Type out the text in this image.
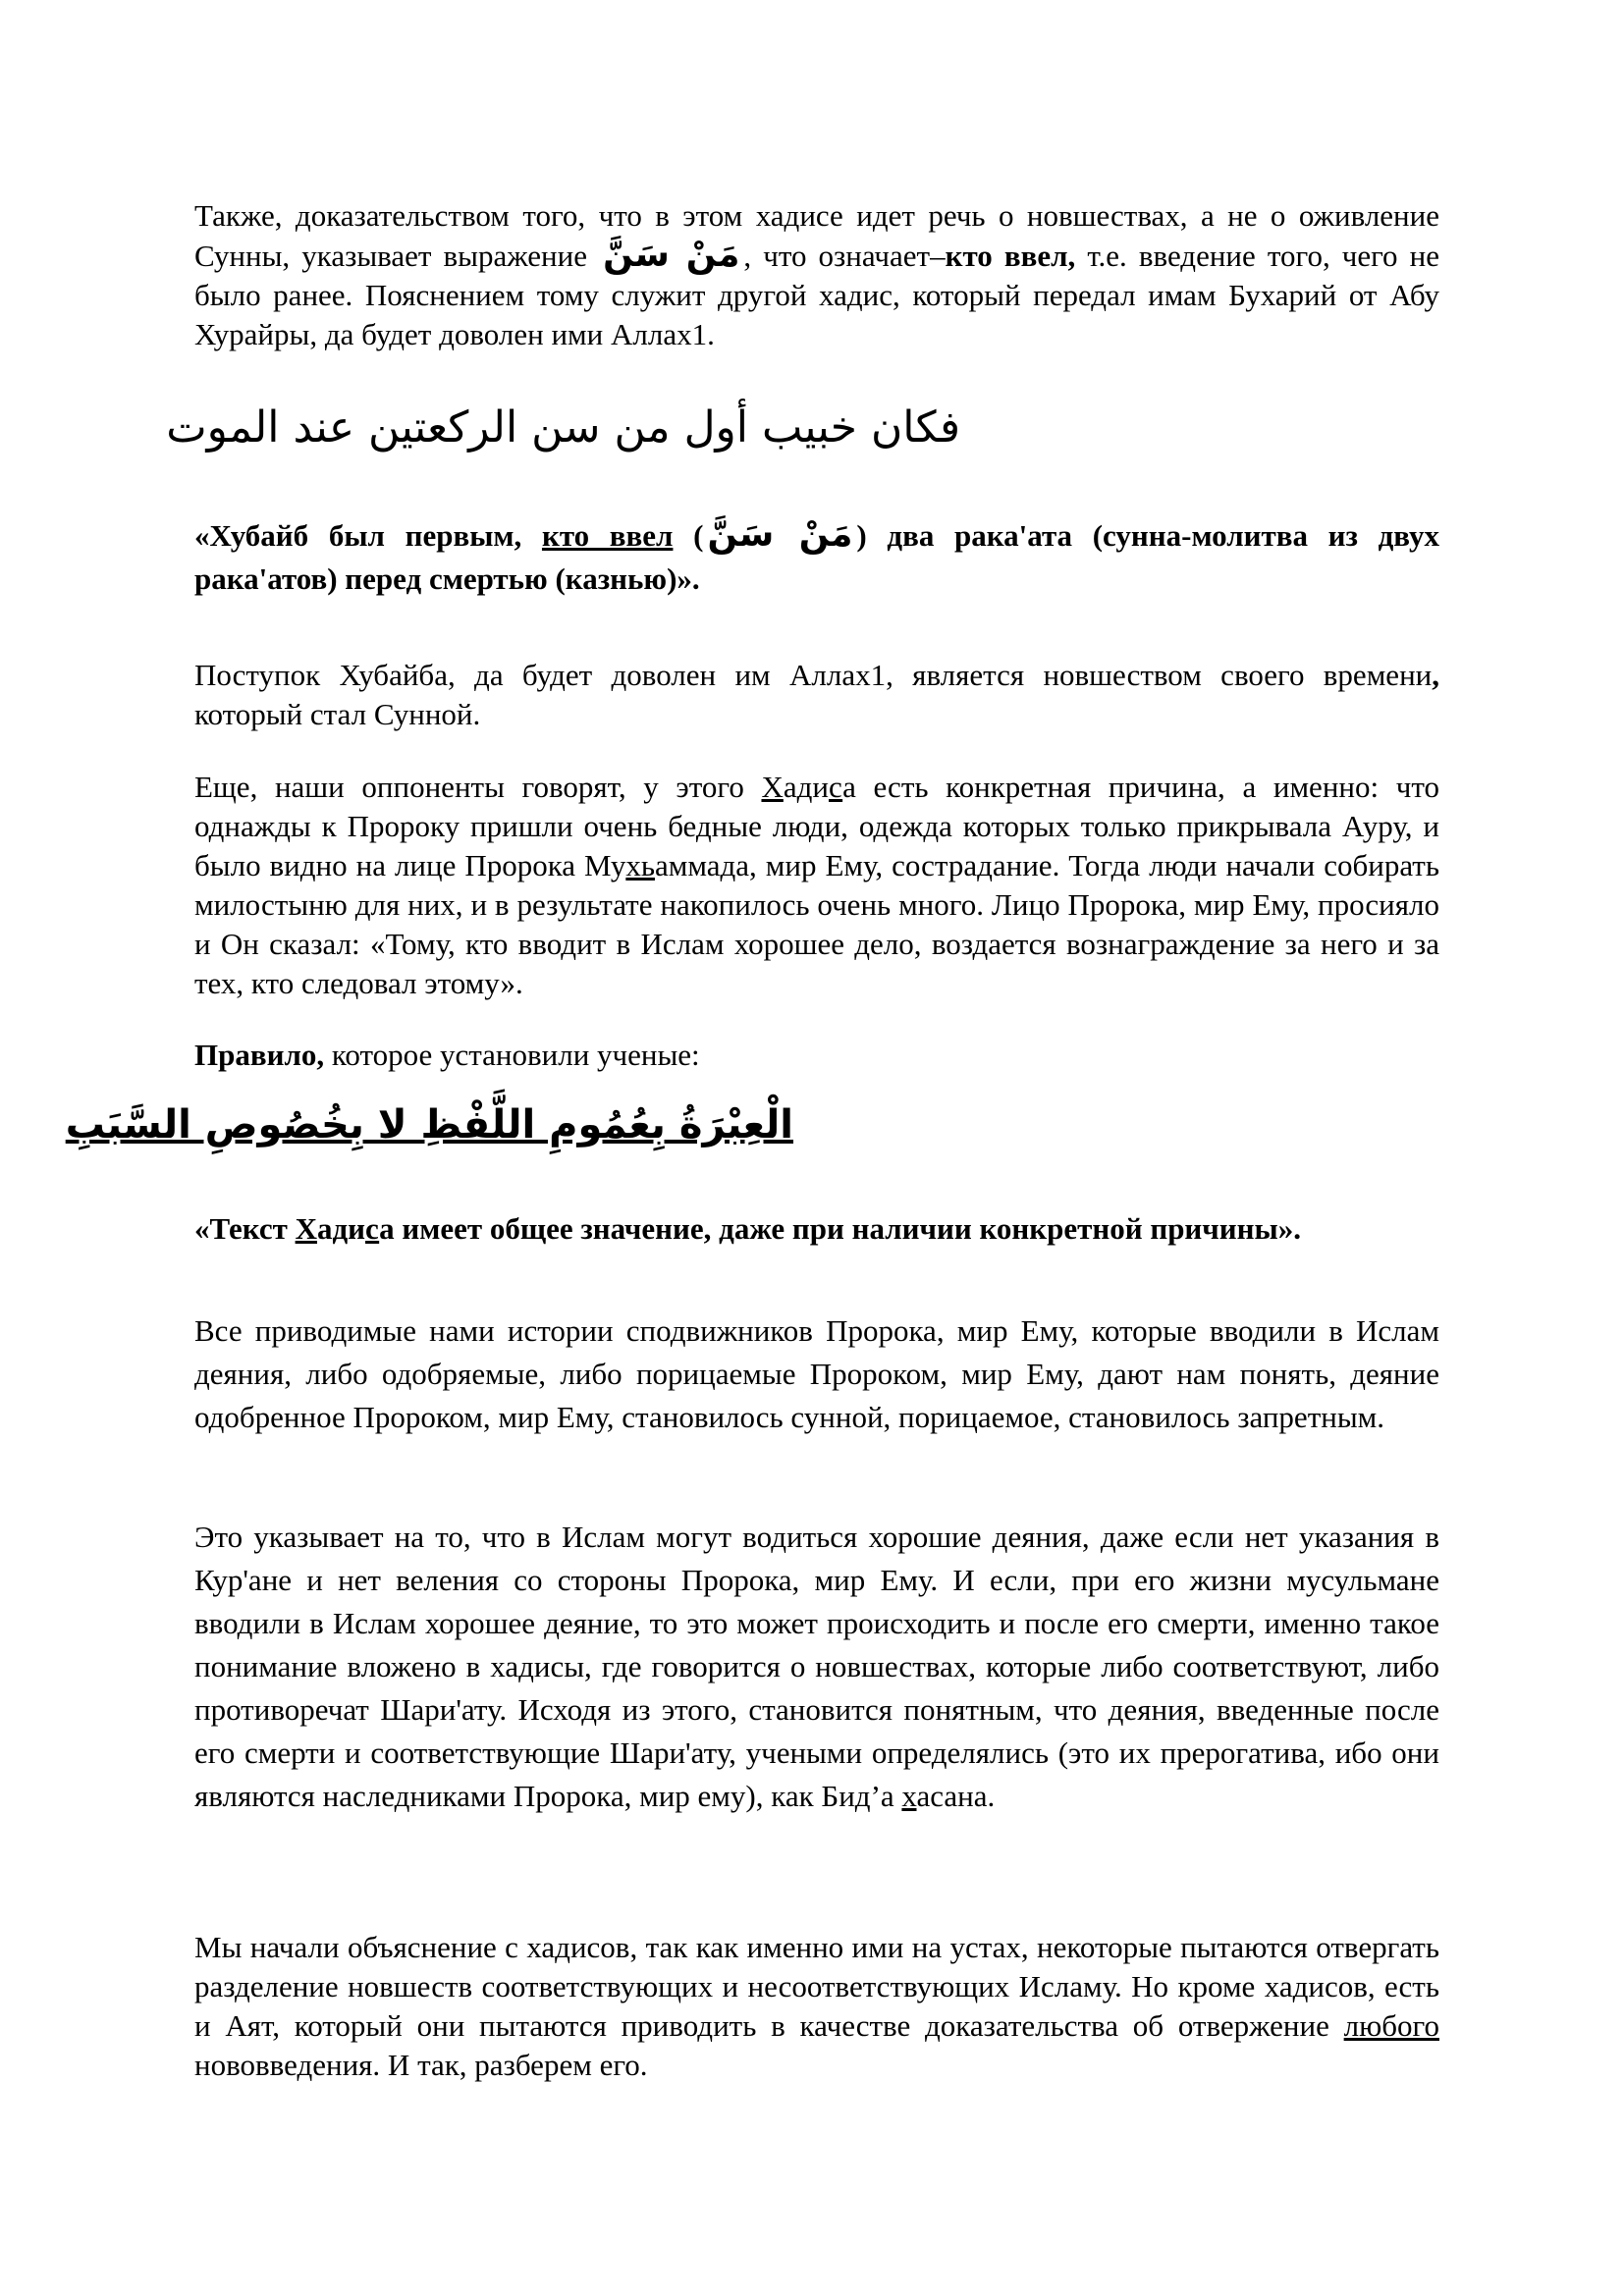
Также, доказательством того, что в этом хадисе идет речь о новшествах, а не о оживление Сунны, указывает выражение مَنْ سَنَّ , что означает–кто ввел, т.е. введение того, чего не было ранее. Пояснением тому служит другой хадис, который передал имам Бухарий от Абу Хурайры, да будет доволен ими Аллах1.

فكان خبيب أول من سن الركعتين عند الموت

«Хубайб был первым, кто ввел ( مَنْ سَنَّ ) два рака'ата (сунна-молитва из двух рака'атов) перед смертью (казнью)».

Поступок Хубайба, да будет доволен им Аллах1, является новшеством своего времени, который стал Сунной.

Еще, наши оппоненты говорят, у этого Хадиса есть конкретная причина, а именно: что однажды к Пророку пришли очень бедные люди, одежда которых только прикрывала Ауру, и было видно на лице Пророка Мухьаммада, мир Ему, сострадание. Тогда люди начали собирать милостыню для них, и в результате накопилось очень много. Лицо Пророка, мир Ему, просияло и Он сказал: «Тому, кто вводит в Ислам хорошее дело, воздается вознаграждение за него и за тех, кто следовал этому».

Правило, которое установили ученые:

الْعِبْرَةُ بِعُمُومِ اللَّفْظِ لا بِخُصُوصِ السَّبَبِ

«Текст Хадиса имеет общее значение, даже при наличии конкретной причины».

Все приводимые нами истории сподвижников Пророка, мир Ему, которые вводили в Ислам деяния, либо одобряемые, либо порицаемые Пророком, мир Ему, дают нам понять, деяние одобренное Пророком, мир Ему, становилось сунной, порицаемое, становилось запретным.

Это указывает на то, что в Ислам могут водиться хорошие деяния, даже если нет указания в Кур'ане и нет веления со стороны Пророка, мир Ему. И если, при его жизни мусульмане вводили в Ислам хорошее деяние, то это может происходить и после его смерти, именно такое понимание вложено в хадисы, где говорится о новшествах, которые либо соответствуют, либо противоречат Шари'ату. Исходя из этого, становится понятным, что деяния, введенные после его смерти и соответствующие Шари'ату, учеными определялись (это их прерогатива, ибо они являются наследниками Пророка, мир ему), как Бид’а хасана.

Мы начали объяснение с хадисов, так как именно ими на устах, некоторые пытаются отвергать разделение новшеств соответствующих и несоответствующих Исламу. Но кроме хадисов, есть и Аят, который они пытаются приводить в качестве доказательства об отвержение любого нововведения. И так, разберем его.
